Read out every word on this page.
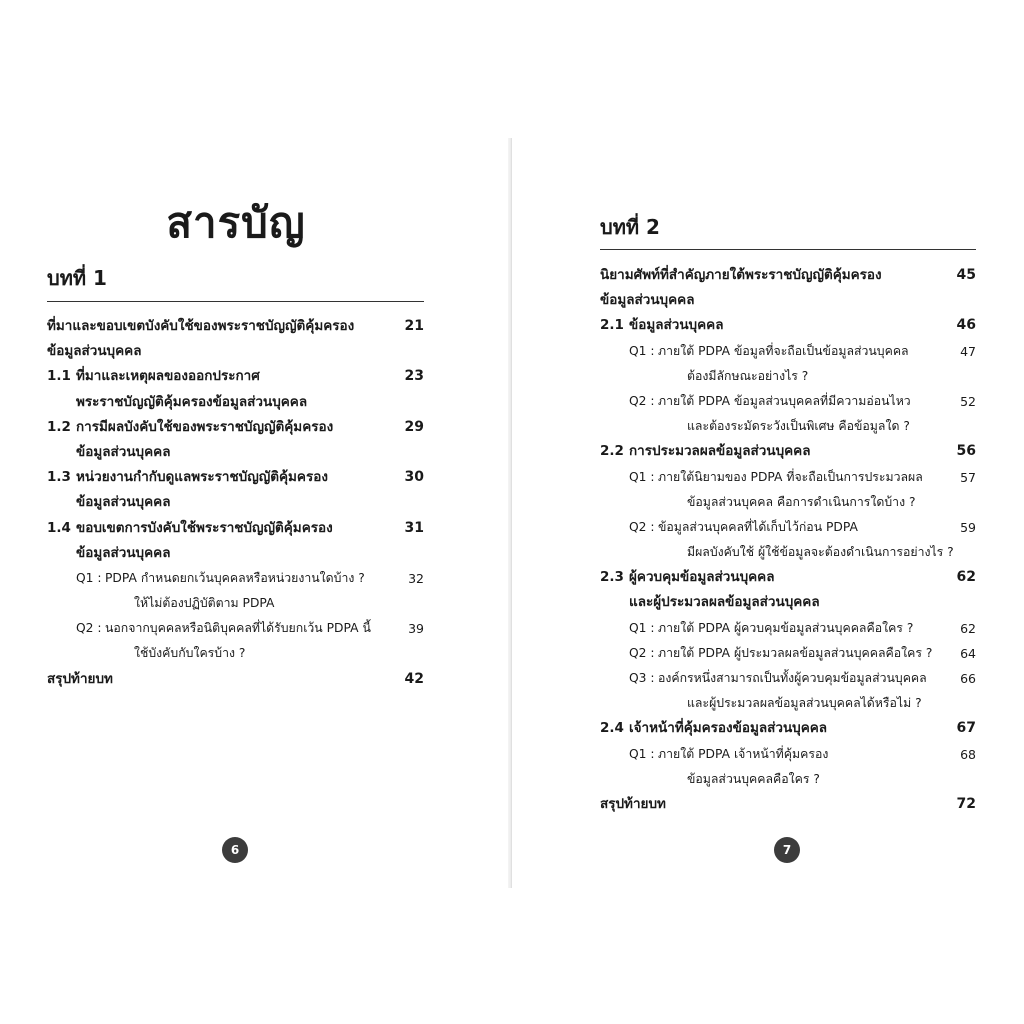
สารบัญ
บทที่ 1
ที่มาและขอบเขตบังคับใช้ของพระราชบัญญัติคุ้มครอง	21
ข้อมูลส่วนบุคคล
1.1 ที่มาและเหตุผลของออกประกาศ	23
พระราชบัญญัติคุ้มครองข้อมูลส่วนบุคคล
1.2 การมีผลบังคับใช้ของพระราชบัญญัติคุ้มครอง	29
ข้อมูลส่วนบุคคล
1.3 หน่วยงานกำกับดูแลพระราชบัญญัติคุ้มครอง	30
ข้อมูลส่วนบุคคล
1.4 ขอบเขตการบังคับใช้พระราชบัญญัติคุ้มครอง	31
ข้อมูลส่วนบุคคล
Q1 : PDPA กำหนดยกเว้นบุคคลหรือหน่วยงานใดบ้าง ?	32
ให้ไม่ต้องปฏิบัติตาม PDPA
Q2 : นอกจากบุคคลหรือนิติบุคคลที่ได้รับยกเว้น PDPA นี้	39
ใช้บังคับกับใครบ้าง ?
สรุปท้ายบท	42
6
บทที่ 2
นิยามศัพท์ที่สำคัญภายใต้พระราชบัญญัติคุ้มครอง	45
ข้อมูลส่วนบุคคล
2.1 ข้อมูลส่วนบุคคล	46
Q1 : ภายใต้ PDPA ข้อมูลที่จะถือเป็นข้อมูลส่วนบุคคล	47
ต้องมีลักษณะอย่างไร ?
Q2 : ภายใต้ PDPA ข้อมูลส่วนบุคคลที่มีความอ่อนไหว	52
และต้องระมัดระวังเป็นพิเศษ คือข้อมูลใด ?
2.2 การประมวลผลข้อมูลส่วนบุคคล	56
Q1 : ภายใต้นิยามของ PDPA ที่จะถือเป็นการประมวลผล	57
ข้อมูลส่วนบุคคล คือการดำเนินการใดบ้าง ?
Q2 : ข้อมูลส่วนบุคคลที่ได้เก็บไว้ก่อน PDPA	59
มีผลบังคับใช้ ผู้ใช้ข้อมูลจะต้องดำเนินการอย่างไร ?
2.3 ผู้ควบคุมข้อมูลส่วนบุคคล	62
และผู้ประมวลผลข้อมูลส่วนบุคคล
Q1 : ภายใต้ PDPA ผู้ควบคุมข้อมูลส่วนบุคคลคือใคร ?	62
Q2 : ภายใต้ PDPA ผู้ประมวลผลข้อมูลส่วนบุคคลคือใคร ? 64
Q3 : องค์กรหนึ่งสามารถเป็นทั้งผู้ควบคุมข้อมูลส่วนบุคคล	66
และผู้ประมวลผลข้อมูลส่วนบุคคลได้หรือไม่ ?
2.4 เจ้าหน้าที่คุ้มครองข้อมูลส่วนบุคคล	67
Q1 : ภายใต้ PDPA เจ้าหน้าที่คุ้มครอง	68
ข้อมูลส่วนบุคคลคือใคร ?
สรุปท้ายบท	72
7
